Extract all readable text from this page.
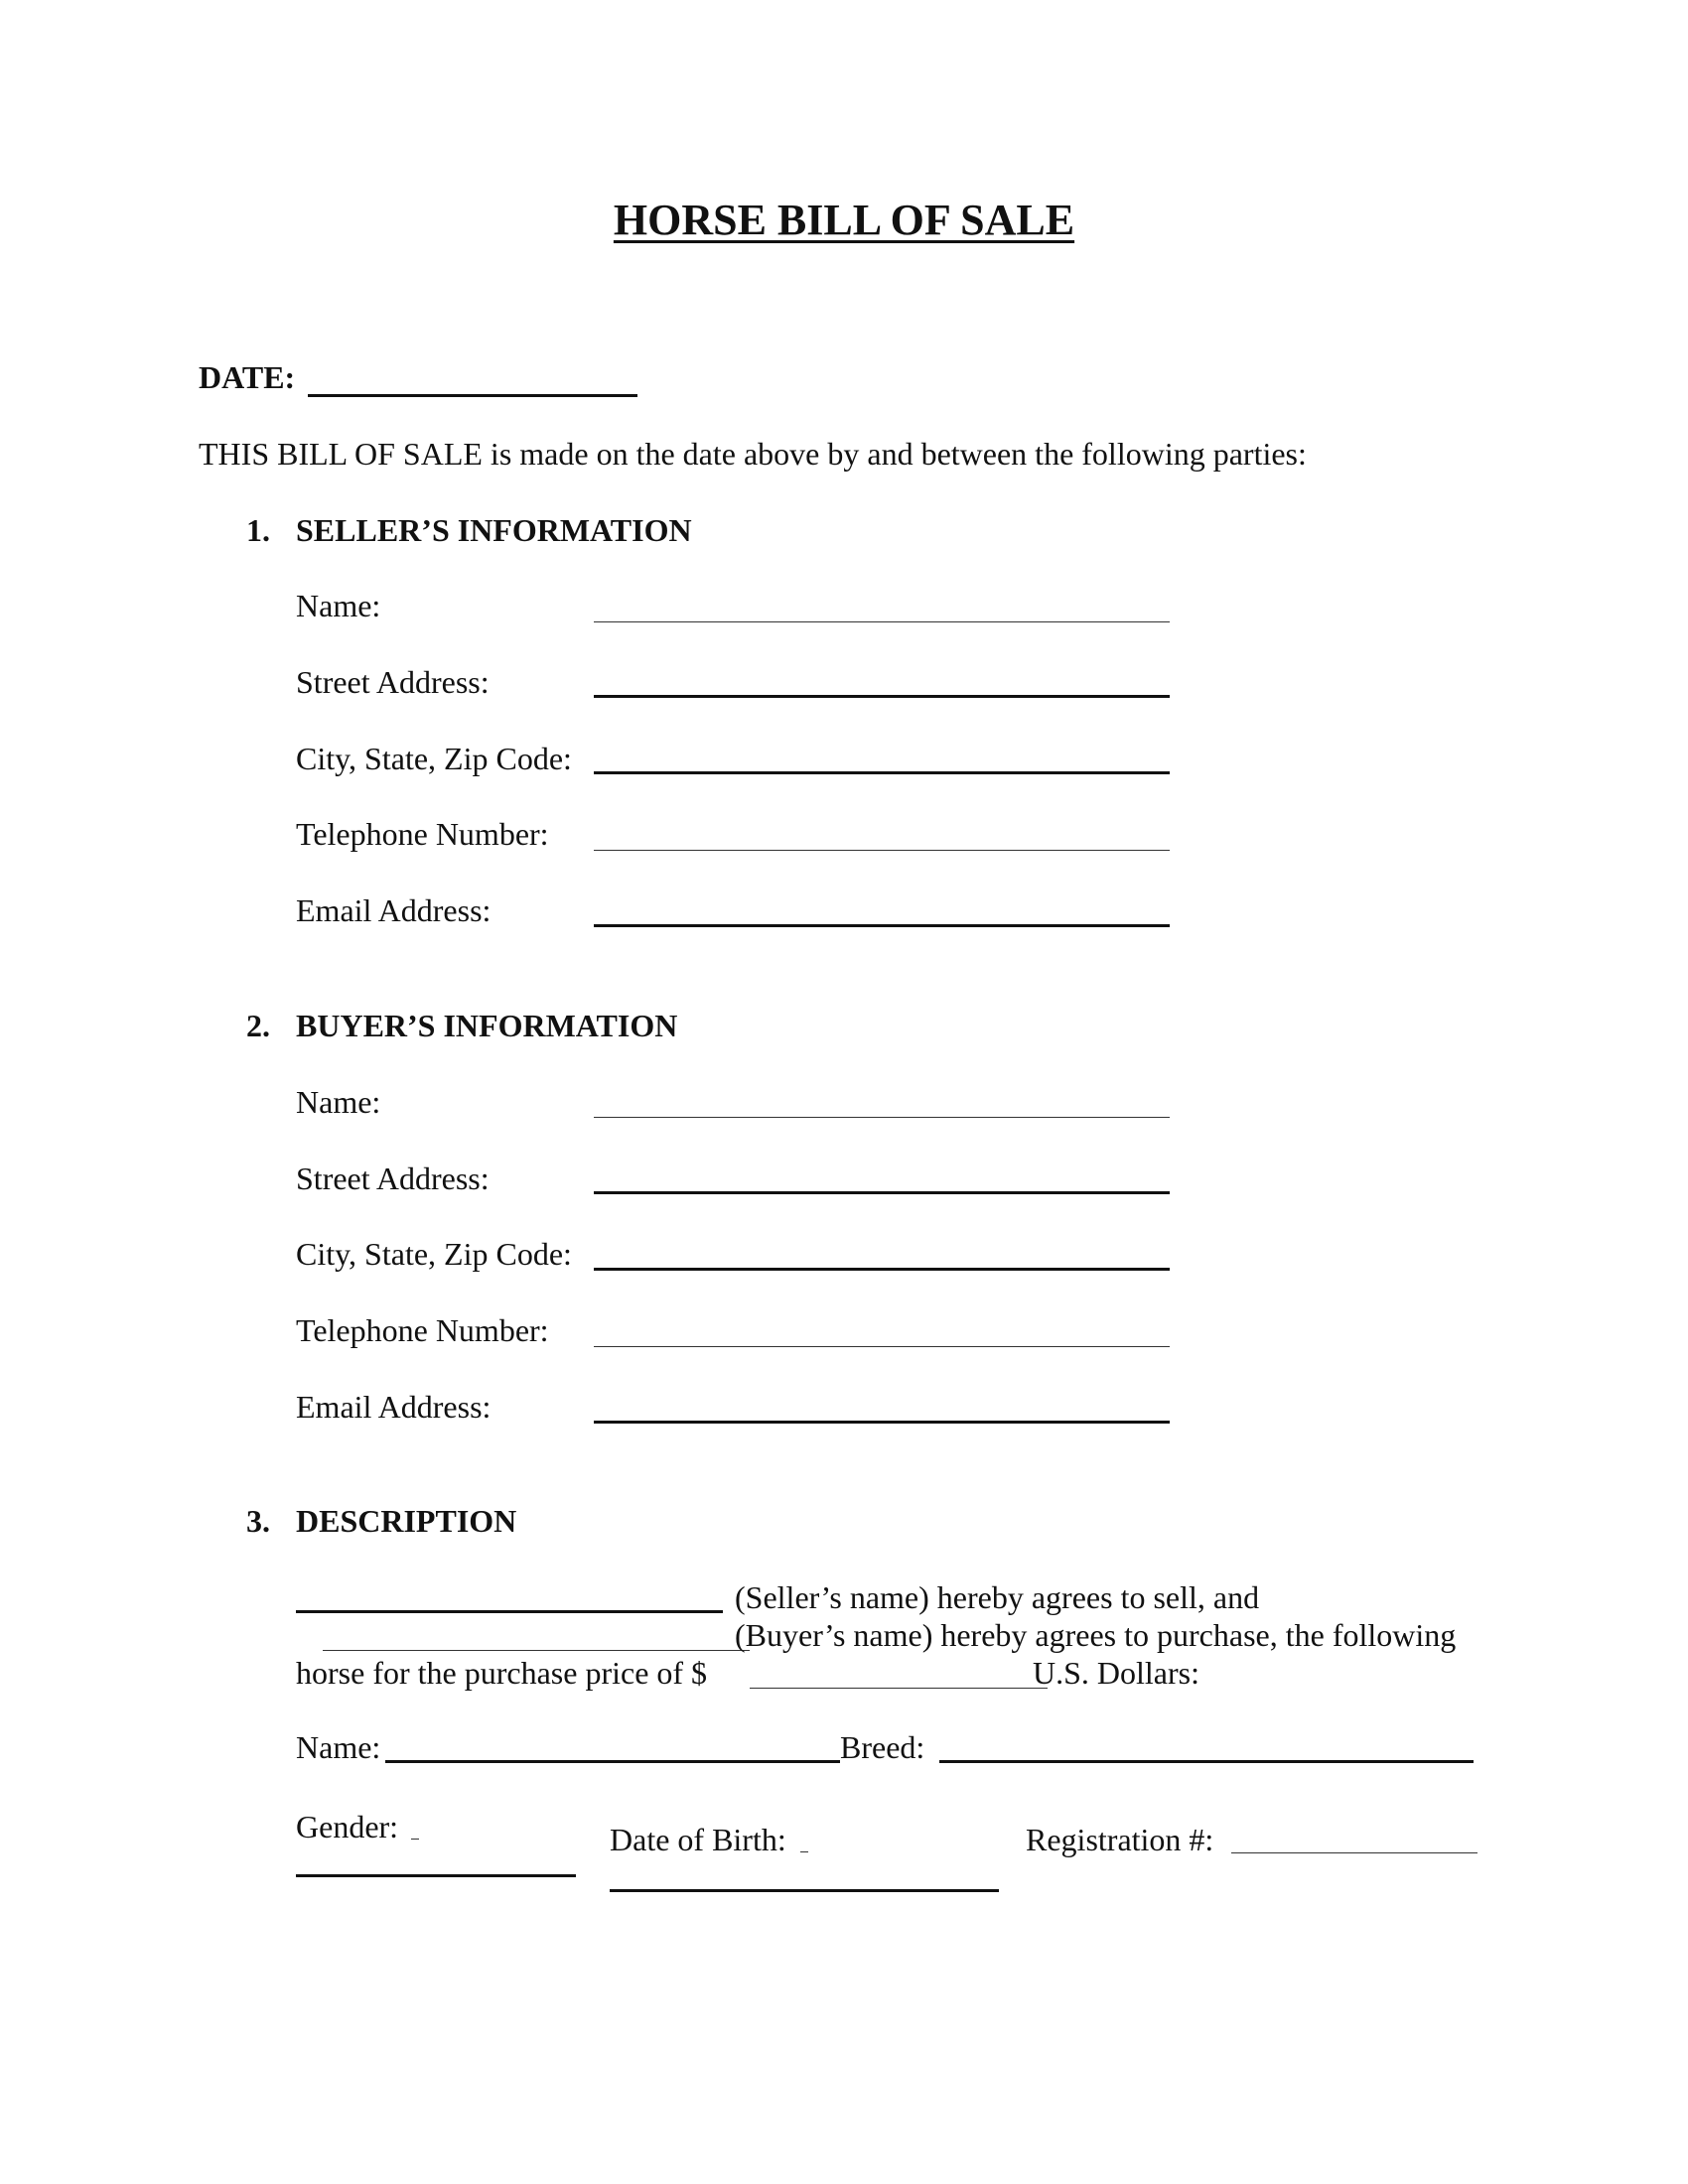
HORSE BILL OF SALE
DATE:
THIS BILL OF SALE is made on the date above by and between the following parties:
1. SELLER’S INFORMATION
Name:
Street Address:
City, State, Zip Code:
Telephone Number:
Email Address:
2. BUYER’S INFORMATION
Name:
Street Address:
City, State, Zip Code:
Telephone Number:
Email Address:
3. DESCRIPTION
(Seller’s name) hereby agrees to sell, and
(Buyer’s name) hereby agrees to purchase, the following
horse for the purchase price of $	U.S. Dollars:
Name:	Breed:
Gender:	Date of Birth:	Registration #:
